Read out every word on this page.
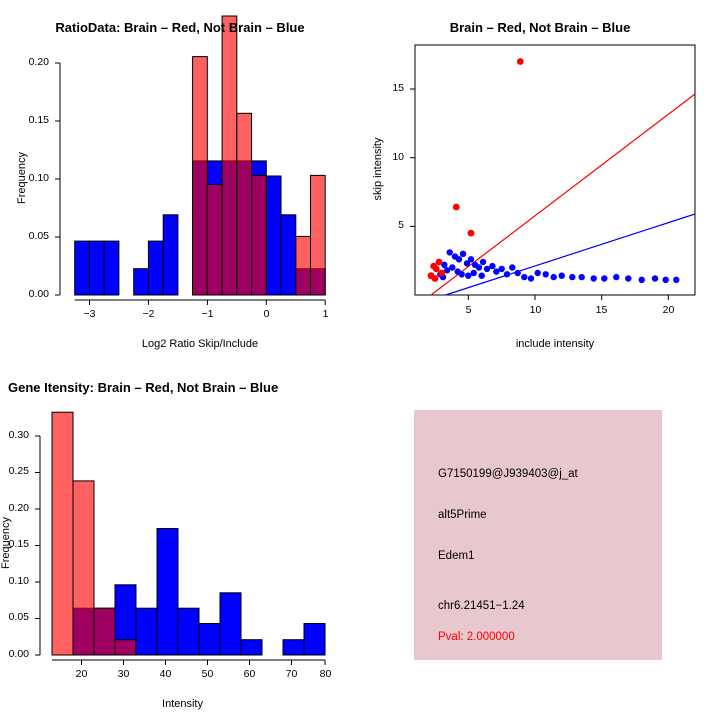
RatioData: Brain – Red, Not Brain – Blue
0.00
0.05
0.10
0.15
0.20
−3	−2	−1	0	1
Log2 Ratio Skip/Include
Frequency
Brain – Red, Not Brain – Blue
5
10
15
5	10	15	20
include intensity
skip intensity
Gene Itensity: Brain – Red, Not Brain – Blue
0.00
0.05
0.10
0.15
0.20
0.25
0.30
20	30	40	50	60	70	80
Intensity
Frequency
G7150199@J939403@j_at
alt5Prime
Edem1
chr6.21451−1.24
Pval: 2.000000
